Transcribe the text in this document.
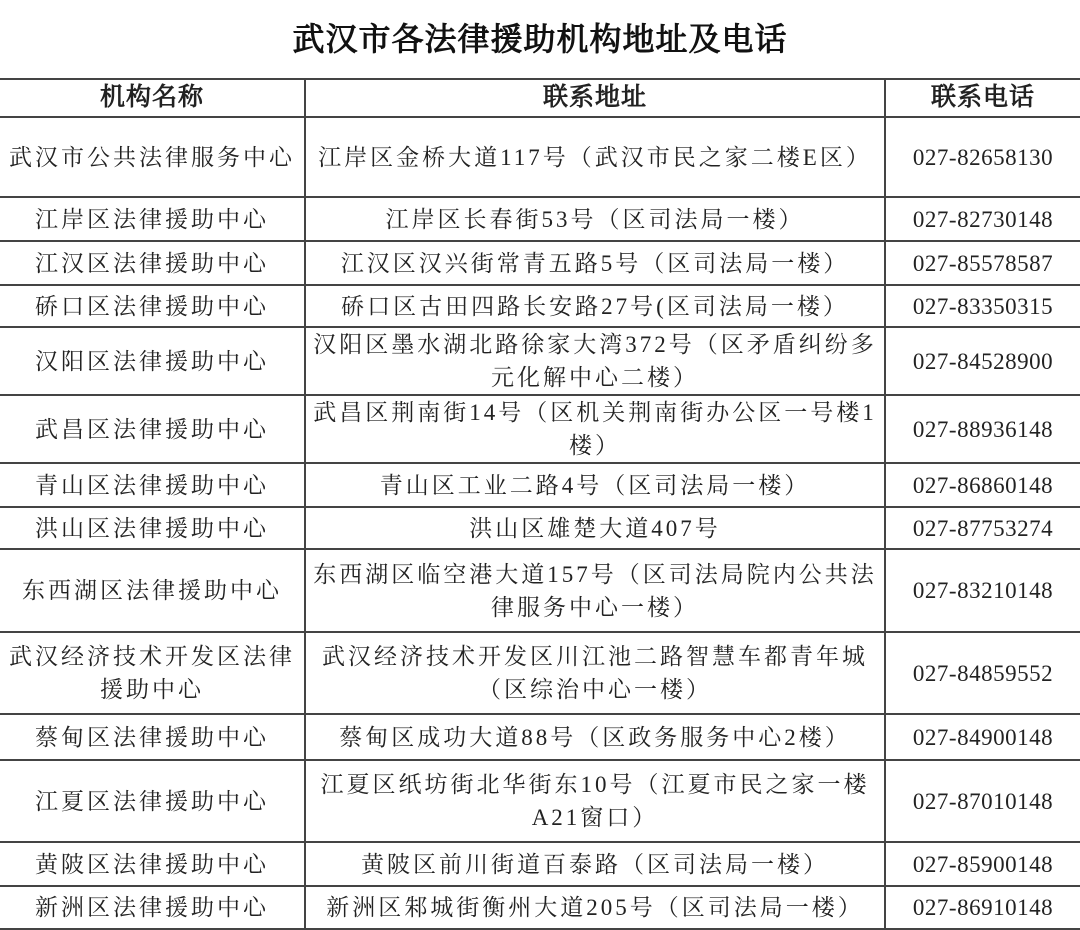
武汉市各法律援助机构地址及电话
机构名称	联系地址	联系电话
武汉市公共法律服务中心	江岸区金桥大道117号（武汉市民之家二楼E区）	027-82658130
江岸区法律援助中心	江岸区长春街53号（区司法局一楼）	027-82730148
江汉区法律援助中心	江汉区汉兴街常青五路5号（区司法局一楼）	027-85578587
硚口区法律援助中心	硚口区古田四路长安路27号(区司法局一楼）	027-83350315
汉阳区法律援助中心	汉阳区墨水湖北路徐家大湾372号（区矛盾纠纷多元化解中心二楼）	027-84528900
武昌区法律援助中心	武昌区荆南街14号（区机关荆南街办公区一号楼1楼）	027-88936148
青山区法律援助中心	青山区工业二路4号（区司法局一楼）	027-86860148
洪山区法律援助中心	洪山区雄楚大道407号	027-87753274
东西湖区法律援助中心	东西湖区临空港大道157号（区司法局院内公共法律服务中心一楼）	027-83210148
武汉经济技术开发区法律援助中心	武汉经济技术开发区川江池二路智慧车都青年城（区综治中心一楼）	027-84859552
蔡甸区法律援助中心	蔡甸区成功大道88号（区政务服务中心2楼）	027-84900148
江夏区法律援助中心	江夏区纸坊街北华街东10号（江夏市民之家一楼A21窗口）	027-87010148
黄陂区法律援助中心	黄陂区前川街道百泰路（区司法局一楼）	027-85900148
新洲区法律援助中心	新洲区邾城街衡州大道205号（区司法局一楼）	027-86910148
